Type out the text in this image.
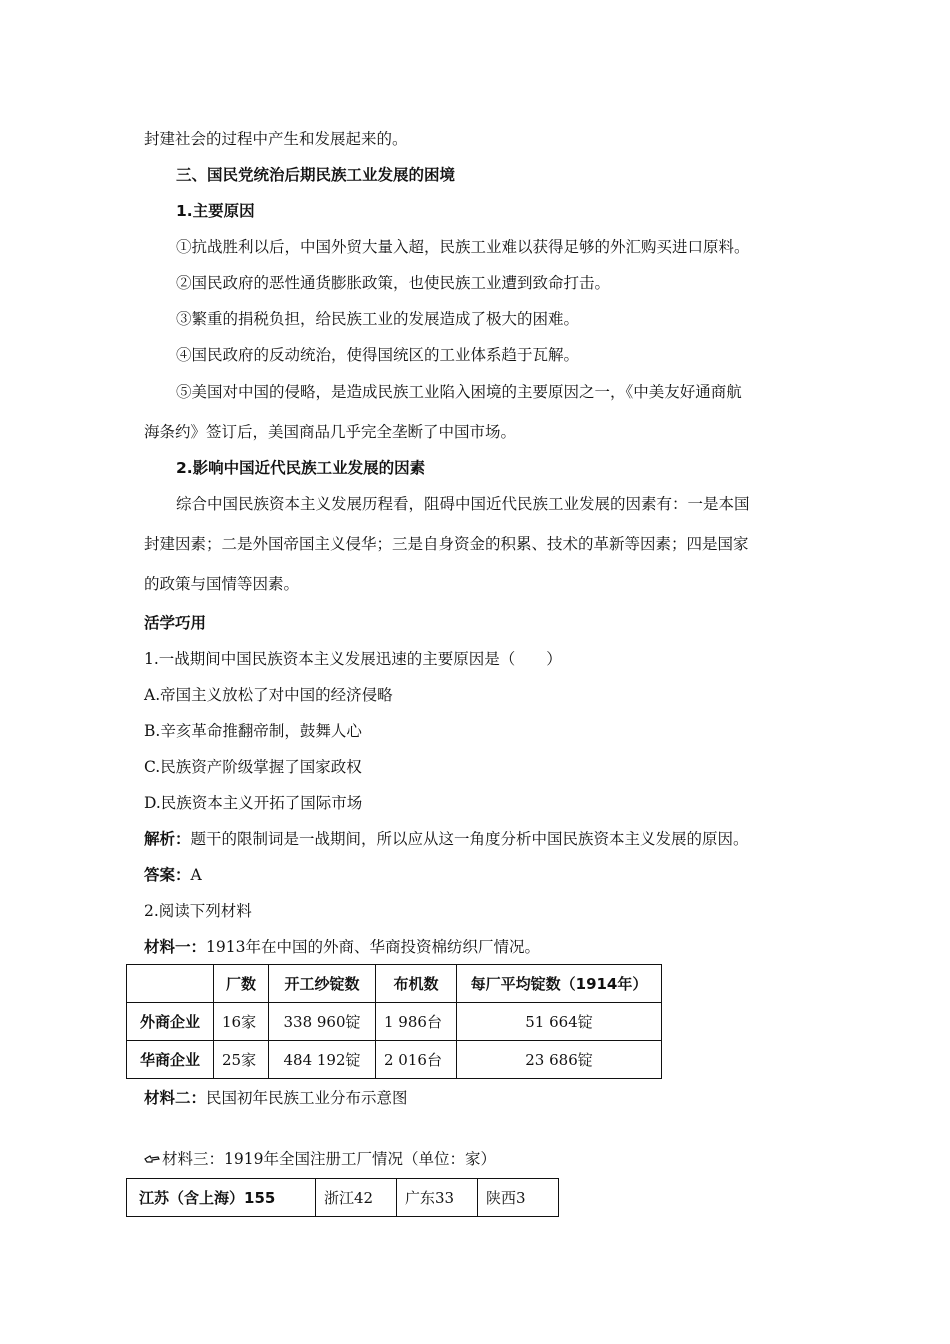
封建社会的过程中产生和发展起来的。
三、国民党统治后期民族工业发展的困境
1.主要原因
①抗战胜利以后，中国外贸大量入超，民族工业难以获得足够的外汇购买进口原料。
②国民政府的恶性通货膨胀政策，也使民族工业遭到致命打击。
③繁重的捐税负担，给民族工业的发展造成了极大的困难。
④国民政府的反动统治，使得国统区的工业体系趋于瓦解。
⑤美国对中国的侵略，是造成民族工业陷入困境的主要原因之一，《中美友好通商航
海条约》签订后，美国商品几乎完全垄断了中国市场。
2.影响中国近代民族工业发展的因素
综合中国民族资本主义发展历程看，阻碍中国近代民族工业发展的因素有：一是本国
封建因素；二是外国帝国主义侵华；三是自身资金的积累、技术的革新等因素；四是国家
的政策与国情等因素。
活学巧用
1.一战期间中国民族资本主义发展迅速的主要原因是（　　）
A.帝国主义放松了对中国的经济侵略
B.辛亥革命推翻帝制，鼓舞人心
C.民族资产阶级掌握了国家政权
D.民族资本主义开拓了国际市场
解析：题干的限制词是一战期间，所以应从这一角度分析中国民族资本主义发展的原因。
答案：A
2.阅读下列材料
材料一：1913年在中国的外商、华商投资棉纺织厂情况。
	厂数	开工纱锭数	布机数	每厂平均锭数（1914年）
外商企业	16家	338 960锭	1 986台	51 664锭
华商企业	25家	484 192锭	2 016台	23 686锭
材料二：民国初年民族工业分布示意图
材料三：1919年全国注册工厂情况（单位：家）
江苏（含上海）155	浙江42	广东33	陕西3
